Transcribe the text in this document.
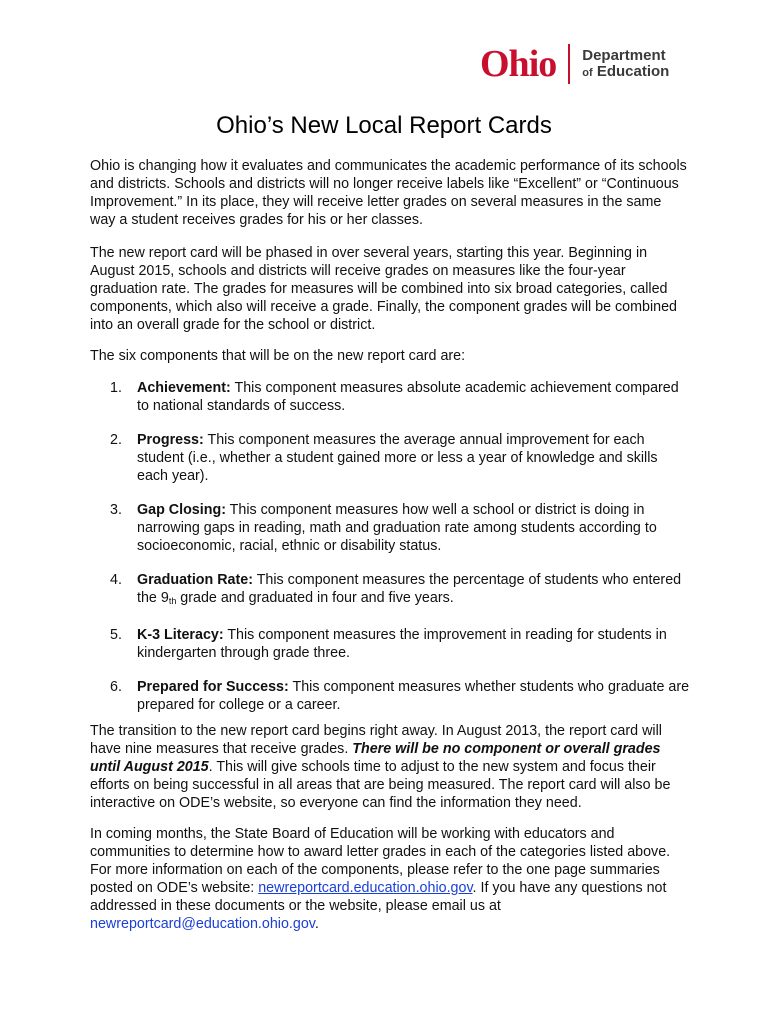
Ohio Department
of Education
Ohio’s New Local Report Cards

Ohio is changing how it evaluates and communicates the academic performance of its schools and districts. Schools and districts will no longer receive labels like “Excellent” or “Continuous Improvement.” In its place, they will receive letter grades on several measures in the same way a student receives grades for his or her classes.

The new report card will be phased in over several years, starting this year. Beginning in August 2015, schools and districts will receive grades on measures like the four-year graduation rate. The grades for measures will be combined into six broad categories, called components, which also will receive a grade. Finally, the component grades will be combined into an overall grade for the school or district.

The six components that will be on the new report card are:

1. Achievement: This component measures absolute academic achievement compared to national standards of success.
2. Progress: This component measures the average annual improvement for each student (i.e., whether a student gained more or less a year of knowledge and skills each year).
3. Gap Closing: This component measures how well a school or district is doing in narrowing gaps in reading, math and graduation rate among students according to socioeconomic, racial, ethnic or disability status.
4. Graduation Rate: This component measures the percentage of students who entered the $9_{th}$ grade and graduated in four and five years.
5. K-3 Literacy: This component measures the improvement in reading for students in kindergarten through grade three.
6. Prepared for Success: This component measures whether students who graduate are prepared for college or a career.

The transition to the new report card begins right away. In August 2013, the report card will have nine measures that receive grades. There will be no component or overall grades until August 2015. This will give schools time to adjust to the new system and focus their efforts on being successful in all areas that are being measured. The report card will also be interactive on ODE’s website, so everyone can find the information they need.

In coming months, the State Board of Education will be working with educators and communities to determine how to award letter grades in each of the categories listed above. For more information on each of the components, please refer to the one page summaries posted on ODE’s website: newreportcard.education.ohio.gov. If you have any questions not addressed in these documents or the website, please email us at newreportcard@education.ohio.gov.
